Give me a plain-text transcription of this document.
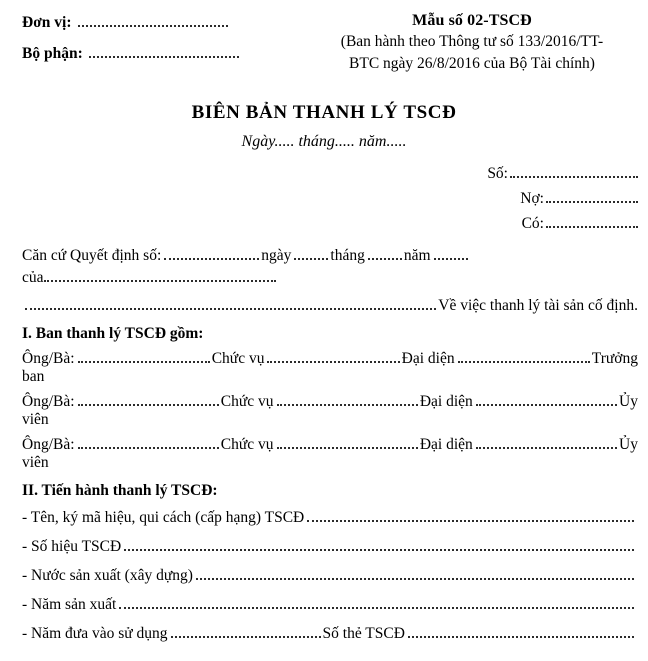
Đơn vị:
Bộ phận:
Mẫu số 02-TSCĐ
(Ban hành theo Thông tư số 133/2016/TT-
BTC ngày 26/8/2016 của Bộ Tài chính)
BIÊN BẢN THANH LÝ TSCĐ
Ngày..... tháng..... năm.....
Số:
Nợ:
Có:
Căn cứ Quyết định số:	ngày	tháng	năm
của
Về việc thanh lý tài sản cố định.
I. Ban thanh lý TSCĐ gồm:
Ông/Bà:	Chức vụ	Đại diện	Trưởng
ban
Ông/Bà:	Chức vụ	Đại diện	Ủy
viên
Ông/Bà:	Chức vụ	Đại diện	Ủy
viên
II. Tiến hành thanh lý TSCĐ:
- Tên, ký mã hiệu, qui cách (cấp hạng) TSCĐ
- Số hiệu TSCĐ
- Nước sản xuất (xây dựng)
- Năm sản xuất
- Năm đưa vào sử dụng	Số thẻ TSCĐ
